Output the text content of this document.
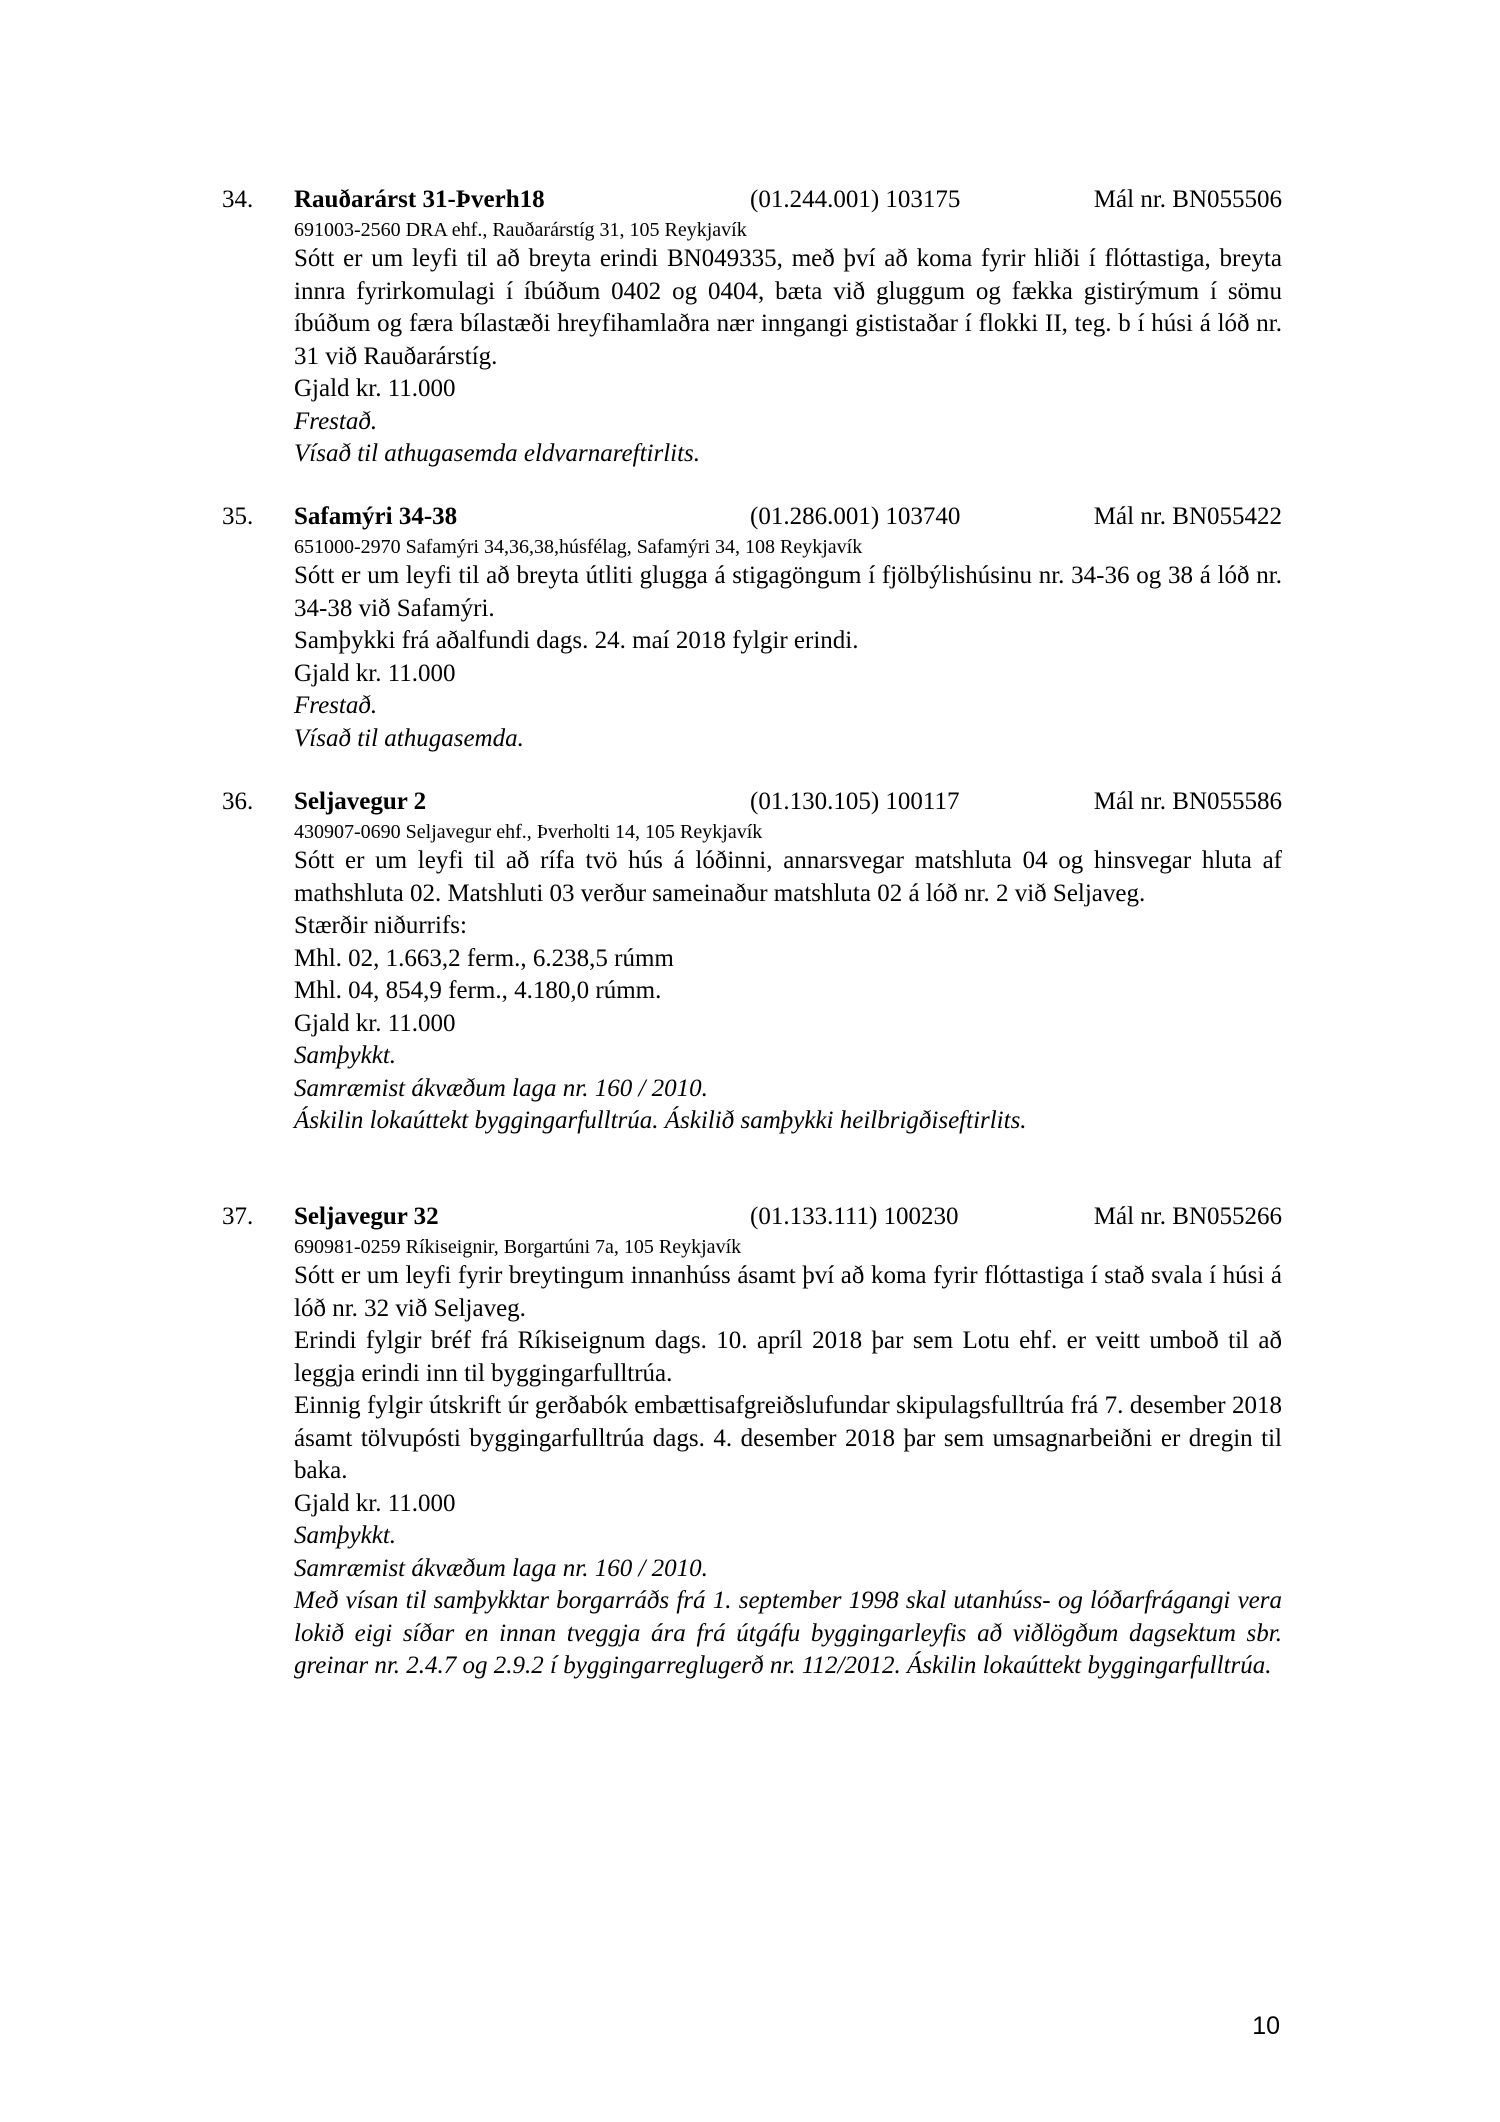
34. Rauðarárst 31-Þverh18	(01.244.001) 103175	Mál nr. BN055506
691003-2560 DRA ehf., Rauðarárstíg 31, 105 Reykjavík
Sótt er um leyfi til að breyta erindi BN049335, með því að koma fyrir hliði í flóttastiga, breyta innra fyrirkomulagi í íbúðum 0402 og 0404, bæta við gluggum og fækka gistirýmum í sömu íbúðum og færa bílastæði hreyfihamlaðra nær inngangi gististaðar í flokki II, teg. b í húsi á lóð nr. 31 við Rauðarárstíg.
Gjald kr. 11.000
Frestað.
Vísað til athugasemda eldvarnareftirlits.
35. Safamýri 34-38	(01.286.001) 103740	Mál nr. BN055422
651000-2970 Safamýri 34,36,38,húsfélag, Safamýri 34, 108 Reykjavík
Sótt er um leyfi til að breyta útliti glugga á stigagöngum í fjölbýlishúsinu nr. 34-36 og 38 á lóð nr. 34-38 við Safamýri.
Samþykki frá aðalfundi dags. 24. maí 2018 fylgir erindi.
Gjald kr. 11.000
Frestað.
Vísað til athugasemda.
36. Seljavegur 2	(01.130.105) 100117	Mál nr. BN055586
430907-0690 Seljavegur ehf., Þverholti 14, 105 Reykjavík
Sótt er um leyfi til að rífa tvö hús á lóðinni, annarsvegar matshluta 04 og hinsvegar hluta af mathshluta 02. Matshluti 03 verður sameinaður matshluta 02 á lóð nr. 2 við Seljaveg.
Stærðir niðurrifs:
Mhl. 02, 1.663,2 ferm., 6.238,5 rúmm
Mhl. 04, 854,9 ferm., 4.180,0 rúmm.
Gjald kr. 11.000
Samþykkt.
Samræmist ákvæðum laga nr. 160 / 2010.
Áskilin lokaúttekt byggingarfulltrúa. Áskilið samþykki heilbrigðiseftirlits.
37. Seljavegur 32	(01.133.111) 100230	Mál nr. BN055266
690981-0259 Ríkiseignir, Borgartúni 7a, 105 Reykjavík
Sótt er um leyfi fyrir breytingum innanhúss ásamt því að koma fyrir flóttastiga í stað svala í húsi á lóð nr. 32 við Seljaveg.
Erindi fylgir bréf frá Ríkiseignum dags. 10. apríl 2018 þar sem Lotu ehf. er veitt umboð til að leggja erindi inn til byggingarfulltrúa.
Einnig fylgir útskrift úr gerðabók embættisafgreiðslufundar skipulagsfulltrúa frá 7. desember 2018 ásamt tölvupósti byggingarfulltrúa dags. 4. desember 2018 þar sem umsagnarbeiðni er dregin til baka.
Gjald kr. 11.000
Samþykkt.
Samræmist ákvæðum laga nr. 160 / 2010.
Með vísan til samþykktar borgarráðs frá 1. september 1998 skal utanhúss- og lóðarfrágangi vera lokið eigi síðar en innan tveggja ára frá útgáfu byggingarleyfis að viðlögðum dagsektum sbr. greinar nr. 2.4.7 og 2.9.2 í byggingarreglugerð nr. 112/2012. Áskilin lokaúttekt byggingarfulltrúa.
10
